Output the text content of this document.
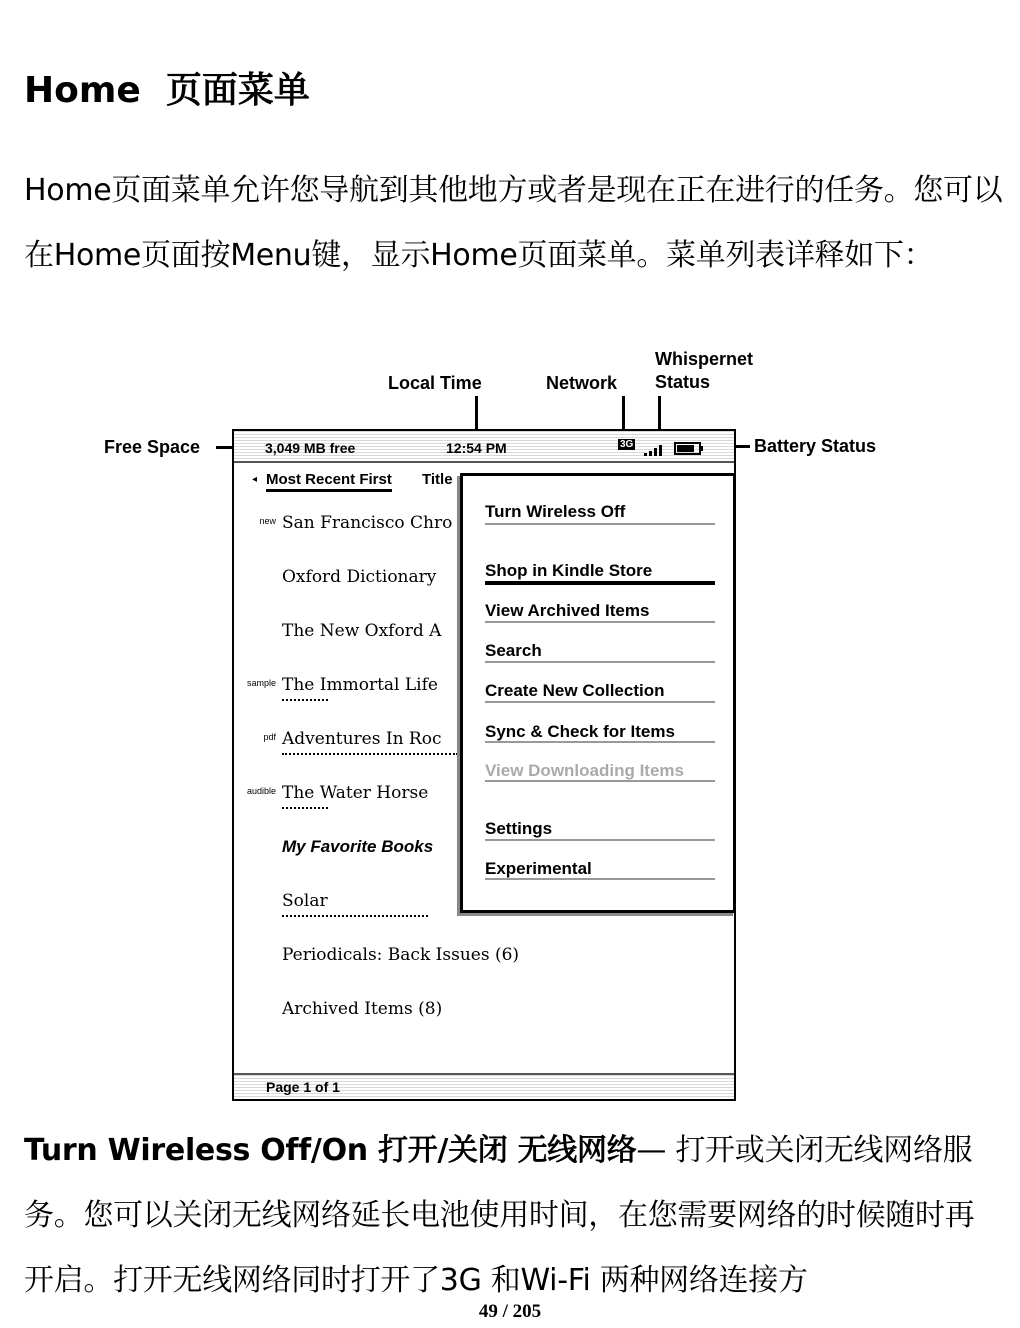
Home  页面菜单

Home页面菜单允许您导航到其他地方或者是现在正在进行的任务。您可以在Home页面按Menu键，显示Home页面菜单。菜单列表详释如下：

Local Time	Network
Whispernet
Status
Free Space	Battery Status
3,049 MB free	12:54 PM	3G
◂ Most Recent First Title
new San Francisco Chro
Oxford Dictionary
The New Oxford A
sample The Immortal Life
pdf Adventures In Roc
audible The Water Horse
My Favorite Books
Solar
Periodicals: Back Issues (6)
Archived Items (8)
Page 1 of 1
Turn Wireless Off
Shop in Kindle Store
View Archived Items
Search
Create New Collection
Sync & Check for Items
View Downloading Items
Settings
Experimental

Turn Wireless Off/On 打开/关闭 无线网络— 打开或关闭无线网络服务。您可以关闭无线网络延长电池使用时间，在您需要网络的时候随时再开启。打开无线网络同时打开了3G 和Wi-Fi 两种网络连接方

49 / 205
